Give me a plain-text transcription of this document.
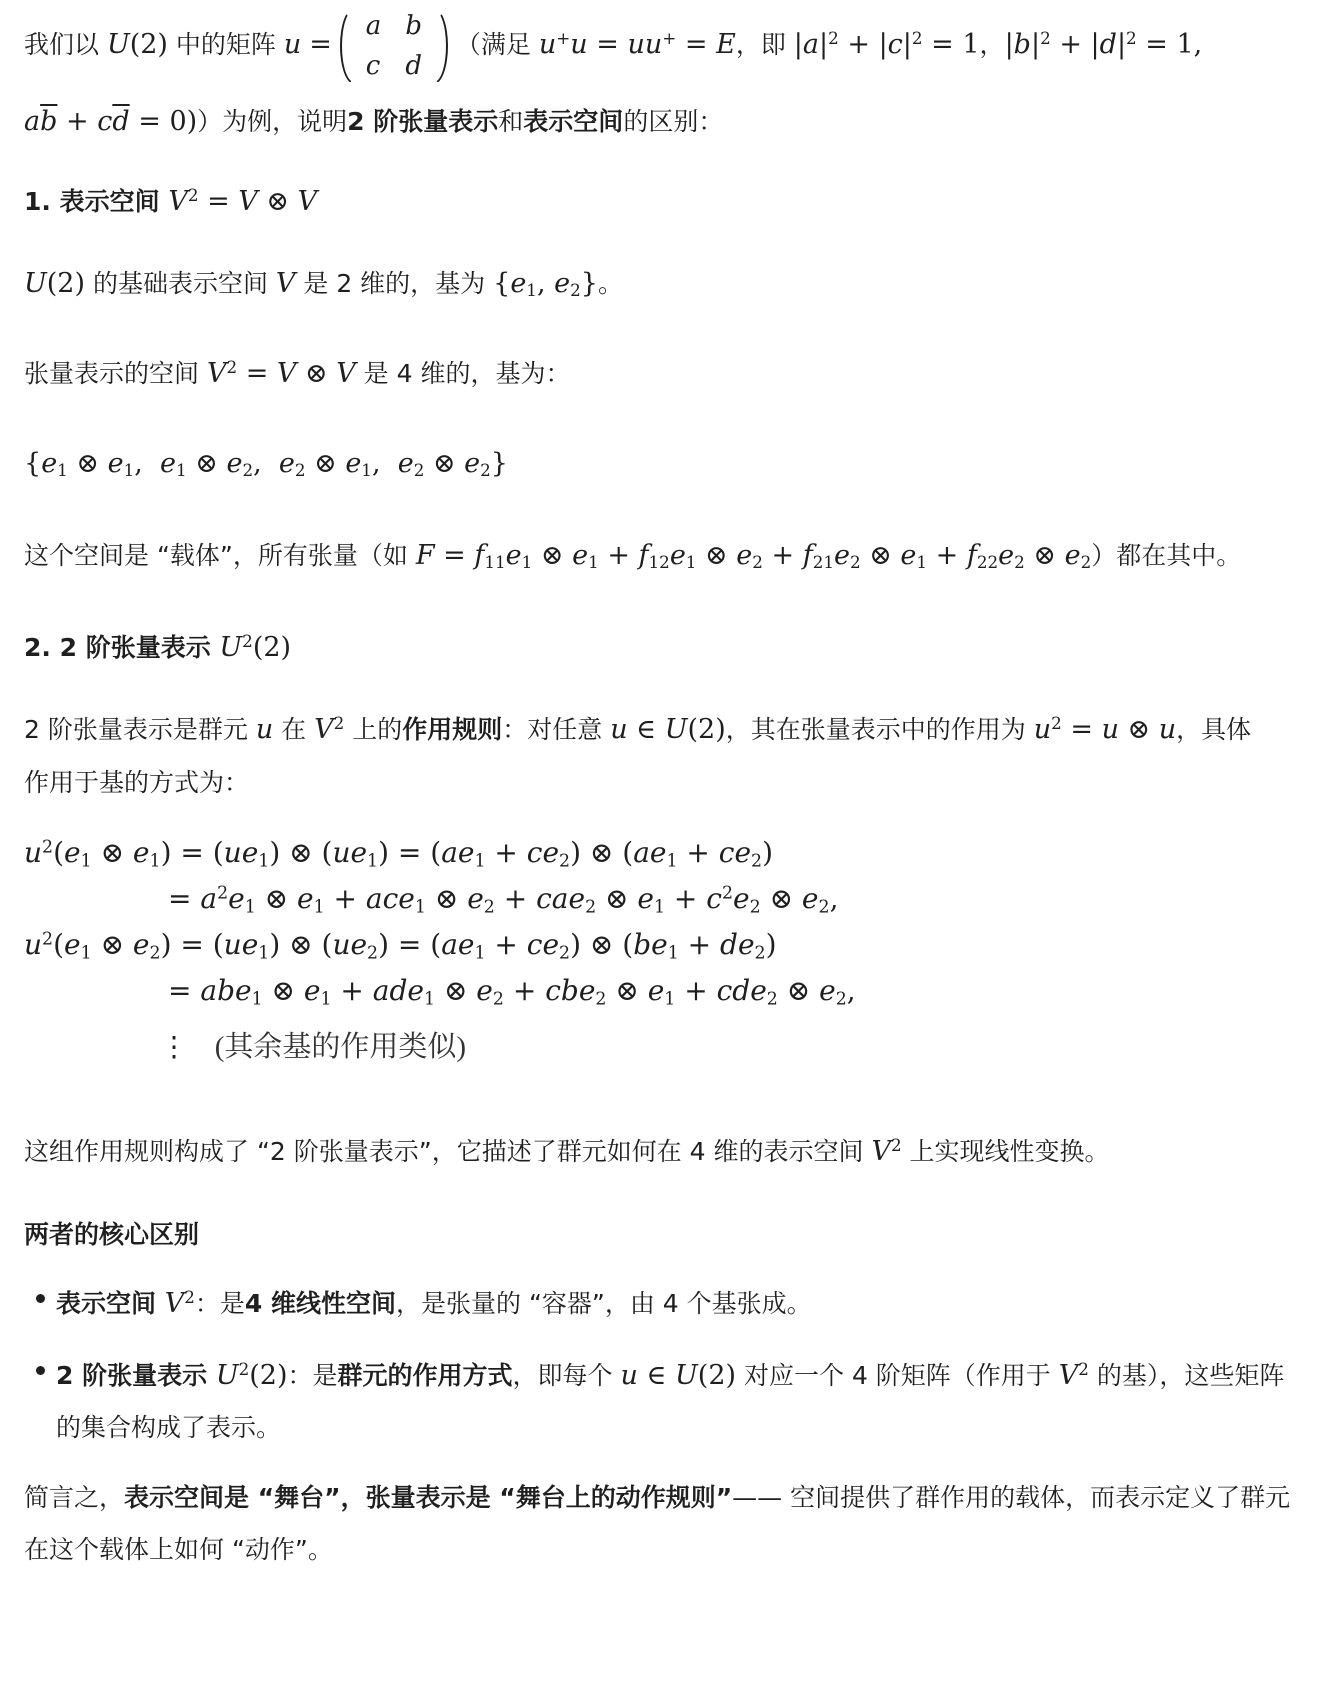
我们以 U(2) 中的矩阵 u =
a	b
c	d
（满足 u+u = uu+ = E，即 $|a|^2 + |c|^2 = 1$，$|b|^2 + |d|^2 = 1$,
$a\overline{b} + c\overline{d} = 0$)）为例，说明2 阶张量表示和表示空间的区别：
1. 表示空间 $V^2 = V$ ⊗ V
U(2) 的基础表示空间 V 是 2 维的，基为 {$e_1$, $e_2$}。
张量表示的空间 $V^2 = V$ ⊗ V 是 4 维的，基为：
{$e_1$ ⊗ $e_1$,  $e_1$ ⊗ $e_2$,  $e_2$ ⊗ $e_1$,  $e_2$ ⊗ $e_2$}
这个空间是 “载体”，所有张量（如 $F = f_{11}e_1$ ⊗ $e_1 + f_{12}e_1$ ⊗ $e_2 + f_{21}e_2$ ⊗ $e_1 + f_{22}e_2$ ⊗ $e_2$）都在其中。
2. 2 阶张量表示 $U^2(2)$
2 阶张量表示是群元 u 在 $V^2$ 上的作用规则：对任意 u ∈ U(2)，其在张量表示中的作用为 $u^2 = u$ ⊗ u，具体
作用于基的方式为：
$u^2(e_1$ ⊗ $e_1) = (ue_1)$ ⊗ $(ue_1) = (ae_1 + ce_2)$ ⊗ $(ae_1 + ce_2)$
= $a^2e_1$ ⊗ $e_1 + ace_1$ ⊗ $e_2 + cae_2$ ⊗ $e_1 + c^2e_2$ ⊗ $e_2$,
$u^2(e_1$ ⊗ $e_2) = (ue_1)$ ⊗ $(ue_2) = (ae_1 + ce_2)$ ⊗ $(be_1 + de_2)$
= abe$_1$ ⊗ $e_1 + ade_1$ ⊗ $e_2 + cbe_2$ ⊗ $e_1 + cde_2$ ⊗ $e_2$,
⋮ (其余基的作用类似)
这组作用规则构成了 “2 阶张量表示”，它描述了群元如何在 4 维的表示空间 $V^2$ 上实现线性变换。
两者的核心区别
表示空间 $V^2$：是4 维线性空间，是张量的 “容器”，由 4 个基张成。
2 阶张量表示 $U^2(2)$：是群元的作用方式，即每个 u ∈ U(2) 对应一个 4 阶矩阵（作用于 $V^2$ 的基），这些矩阵的集合构成了表示。
简言之，表示空间是 “舞台”，张量表示是 “舞台上的动作规则”—— 空间提供了群作用的载体，而表示定义了群元在这个载体上如何 “动作”。
